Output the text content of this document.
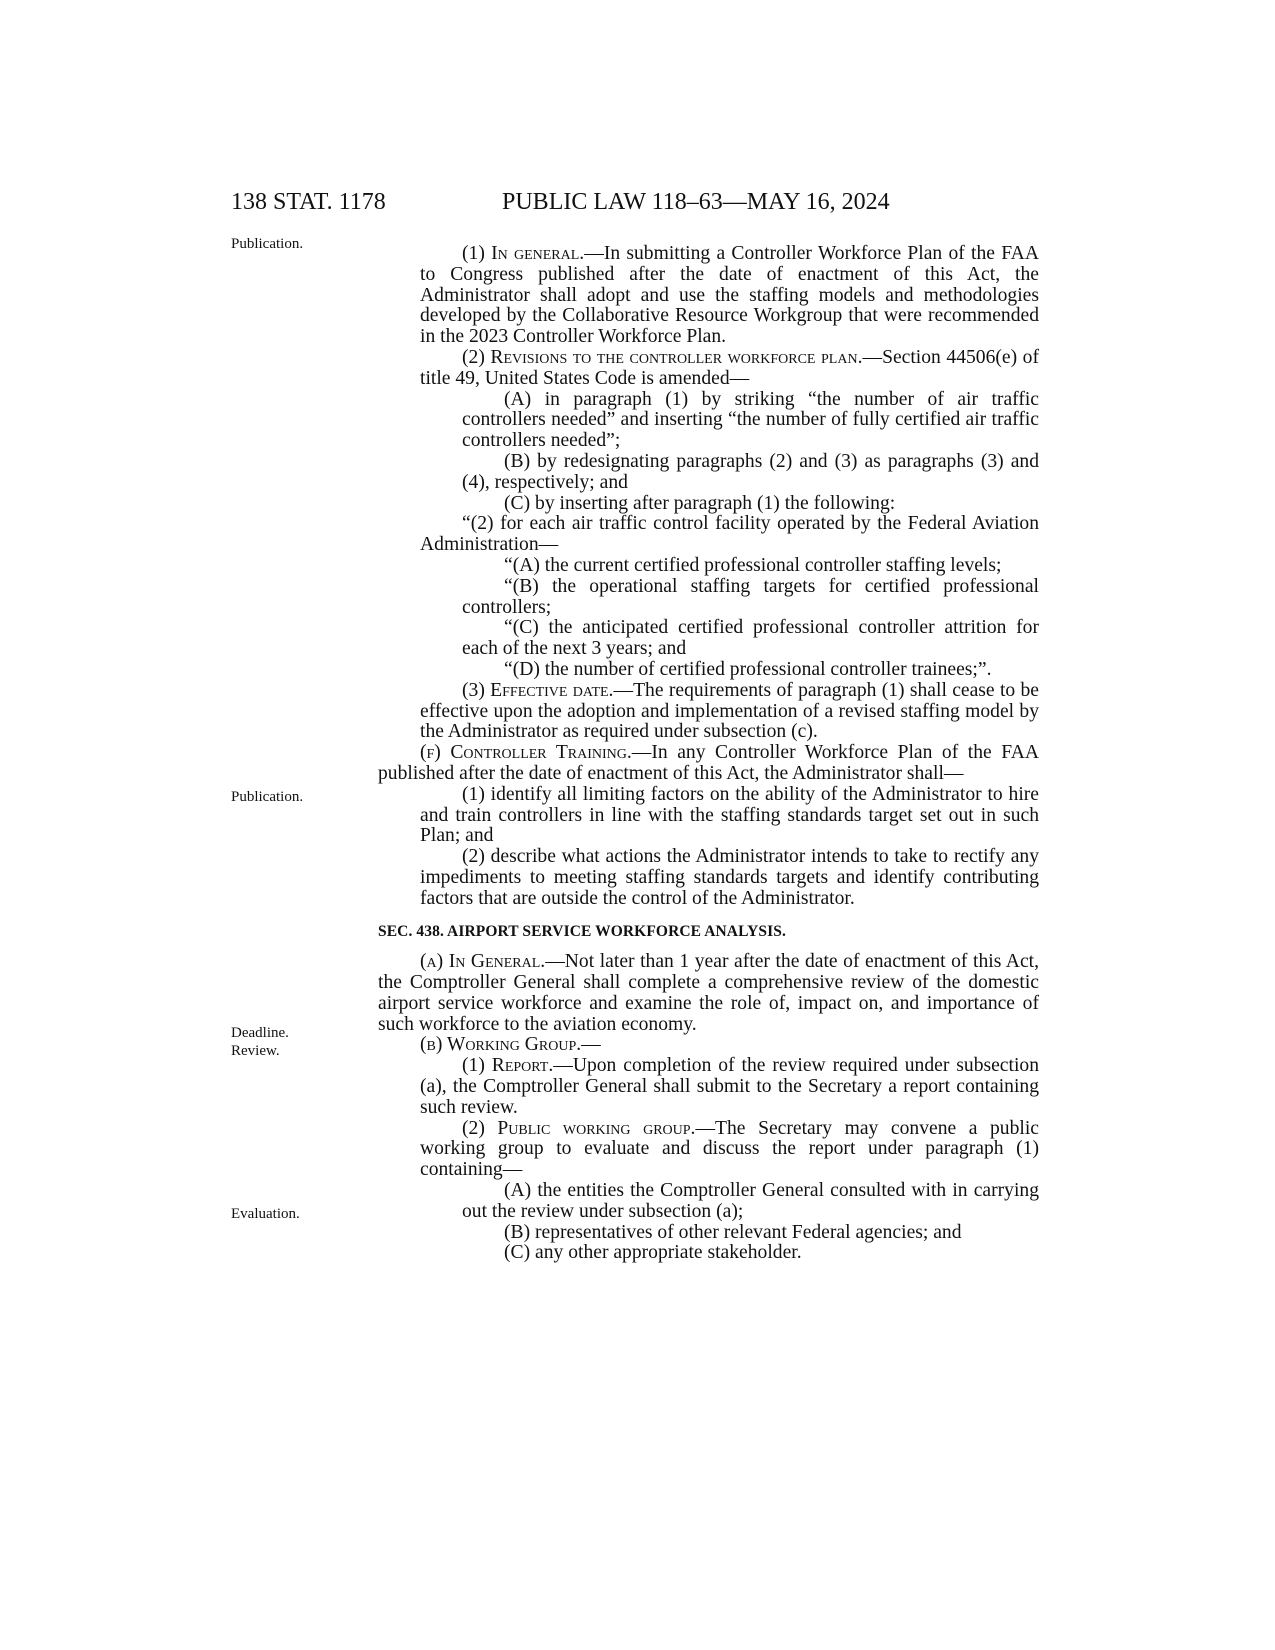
138 STAT. 1178	PUBLIC LAW 118–63—MAY 16, 2024
Publication.
Publication.
Deadline.
Review.
Evaluation.

(1) In general.—In submitting a Controller Workforce Plan of the FAA to Congress published after the date of enactment of this Act, the Administrator shall adopt and use the staffing models and methodologies developed by the Collaborative Resource Workgroup that were recommended in the 2023 Controller Workforce Plan.

(2) Revisions to the controller workforce plan.—Section 44506(e) of title 49, United States Code is amended—

(A) in paragraph (1) by striking “the number of air traffic controllers needed” and inserting “the number of fully certified air traffic controllers needed”;

(B) by redesignating paragraphs (2) and (3) as paragraphs (3) and (4), respectively; and

(C) by inserting after paragraph (1) the following:

“(2) for each air traffic control facility operated by the Federal Aviation Administration—

“(A) the current certified professional controller staffing levels;

“(B) the operational staffing targets for certified professional controllers;

“(C) the anticipated certified professional controller attrition for each of the next 3 years; and

“(D) the number of certified professional controller trainees;”.

(3) Effective date.—The requirements of paragraph (1) shall cease to be effective upon the adoption and implementation of a revised staffing model by the Administrator as required under subsection (c).

(f) Controller Training.—In any Controller Workforce Plan of the FAA published after the date of enactment of this Act, the Administrator shall—

(1) identify all limiting factors on the ability of the Administrator to hire and train controllers in line with the staffing standards target set out in such Plan; and

(2) describe what actions the Administrator intends to take to rectify any impediments to meeting staffing standards targets and identify contributing factors that are outside the control of the Administrator.

SEC. 438. AIRPORT SERVICE WORKFORCE ANALYSIS.

(a) In General.—Not later than 1 year after the date of enactment of this Act, the Comptroller General shall complete a comprehensive review of the domestic airport service workforce and examine the role of, impact on, and importance of such workforce to the aviation economy.

(b) Working Group.—

(1) Report.—Upon completion of the review required under subsection (a), the Comptroller General shall submit to the Secretary a report containing such review.

(2) Public working group.—The Secretary may convene a public working group to evaluate and discuss the report under paragraph (1) containing—

(A) the entities the Comptroller General consulted with in carrying out the review under subsection (a);

(B) representatives of other relevant Federal agencies; and

(C) any other appropriate stakeholder.
